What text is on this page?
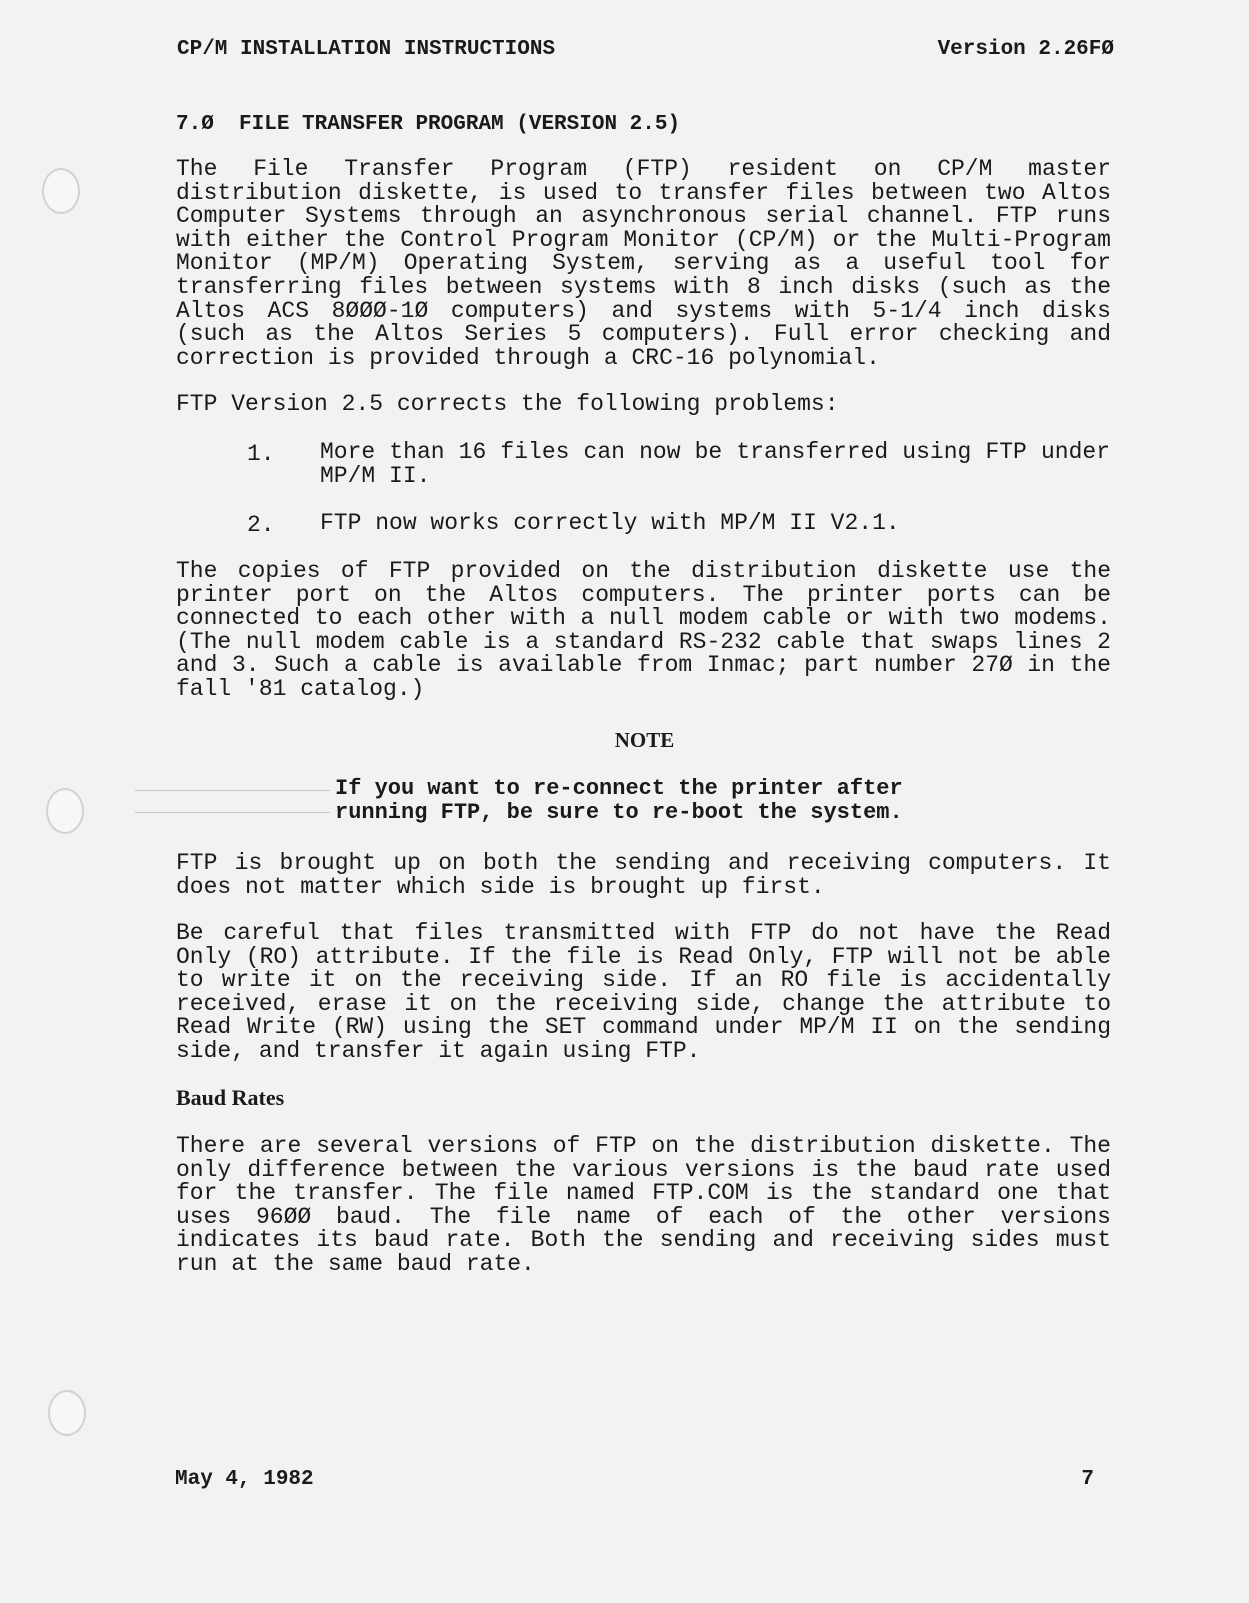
CP/M INSTALLATION INSTRUCTIONS	Version 2.26FØ
7.Ø  FILE TRANSFER PROGRAM (VERSION 2.5)

The File Transfer Program (FTP) resident on CP/M master distribution diskette, is used to transfer files between two Altos Computer Systems through an asynchronous serial channel. FTP runs with either the Control Program Monitor (CP/M) or the Multi-Program Monitor (MP/M) Operating System, serving as a useful tool for transferring files between systems with 8 inch disks (such as the Altos ACS 8ØØØ-1Ø computers) and systems with 5-1/4 inch disks (such as the Altos Series 5 computers). Full error checking and correction is provided through a CRC-16 polynomial.

FTP Version 2.5 corrects the following problems:

1. More than 16 files can now be transferred using FTP under MP/M II.
2. FTP now works correctly with MP/M II V2.1.

The copies of FTP provided on the distribution diskette use the printer port on the Altos computers. The printer ports can be connected to each other with a null modem cable or with two modems. (The null modem cable is a standard RS-232 cable that swaps lines 2 and 3. Such a cable is available from Inmac; part number 27Ø in the fall '81 catalog.)

NOTE
If you want to re-connect the printer after
running FTP, be sure to re-boot the system.

FTP is brought up on both the sending and receiving computers. It does not matter which side is brought up first.

Be careful that files transmitted with FTP do not have the Read Only (RO) attribute. If the file is Read Only, FTP will not be able to write it on the receiving side. If an RO file is accidentally received, erase it on the receiving side, change the attribute to Read Write (RW) using the SET command under MP/M II on the sending side, and transfer it again using FTP.

Baud Rates

There are several versions of FTP on the distribution diskette. The only difference between the various versions is the baud rate used for the transfer. The file named FTP.COM is the standard one that uses 96ØØ baud. The file name of each of the other versions indicates its baud rate. Both the sending and receiving sides must run at the same baud rate.

May 4, 1982	7
